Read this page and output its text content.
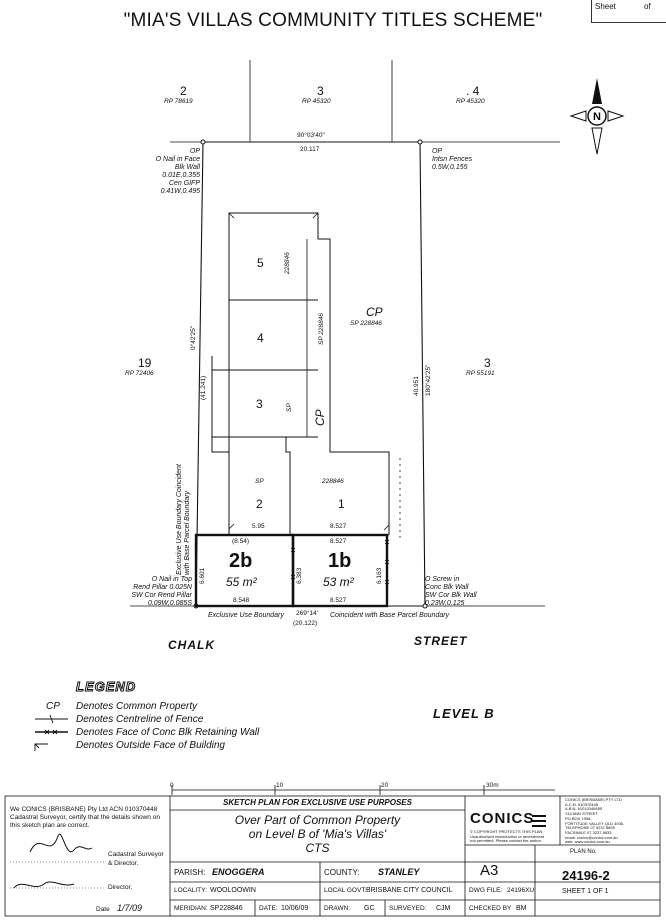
"MIA'S VILLAS COMMUNITY TITLES SCHEME"
Sheet	of
N
2
RP 78619
3
RP 45320
. 4
RP 45320
19
RP 72406
3
RP 55191
90°03'40"
20.117
0°42'25"
(41.241)	40.951 180°42'25"
269°14'
(20.122)
OP
O Nail in Face Blk Wall
0.01E,0.355
Cen GIFP
0.41W,0.495
OP
Intsn Fences
0.5W,0.155
O Nail in Top
Rend Pillar 0.025N
SW Cor Rend Pillar
0.09W,0.085S
O Screw in
Conc Blk Wall
SW Cor Blk Wall
0.23W,0.125
5	228846
4	SP 228846
3	SP
CP
SP
2
228846
1
CP
SP 228846
5.95	8.527
(8.54)
2b
55 m²
8.548
6.601	6.383
8.527
1b
53 m²
8.527
6.163
Exclusive Use Boundary Coincident with Base Parcel Boundary
Exclusive Use Boundary	Coincident with Base Parcel Boundary
CHALK	STREET
LEGEND
CP Denotes Common Property
Denotes Centreline of Fence
Denotes Face of Conc Blk Retaining Wall
Denotes Outside Face of Building
LEVEL B
0	10	20	30m
We CONICS (BRISBANE) Pty Ltd ACN 010370448 Cadastral Surveyor, certify that the details shown on this sketch plan are correct.
Cadastral Surveyor
& Director.
Director.
Date 1/7/09
SKETCH PLAN FOR EXCLUSIVE USE PURPOSES
Over Part of Common Property
on Level B of 'Mia's Villas'
CTS
CONICS
© COPYRIGHT PROTECTS THIS PLAN
Unauthorised reproduction or amendment
not permitted. Please contact the author.
CONICS (BRISBANE) PTY LTD
A.C.N. 010370448
A.B.N. 61010346655
743 ANN STREET
PO BOX 1958,
FORTITUDE VALLEY QLD 4006,
TELEPHONE 07 3237 8899
FACSIMILE 07 3237 8833
email: conics@conics.com.au
web: www.conics.com.au
A3
PLAN No.
24196-2
SHEET 1 OF 1
PARISH: ENOGGERA	COUNTY: STANLEY
LOCALITY: WOOLOOWIN	LOCAL GOVT: BRISBANE CITY COUNCIL	DWG FILE: 24196XU
MERIDIAN: SP228846	DATE: 10/06/09 DRAWN: GC SURVEYED: CJM	CHECKED BY BM
